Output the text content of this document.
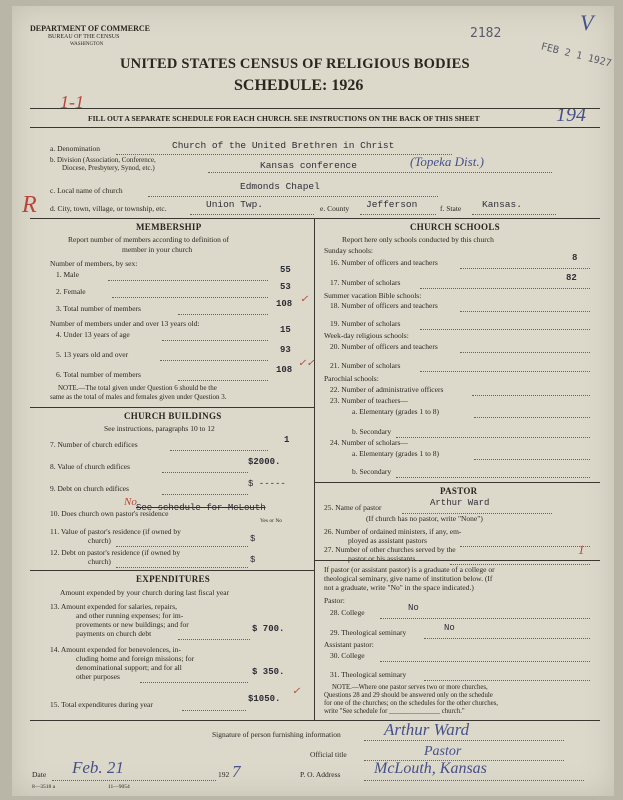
DEPARTMENT OF COMMERCE
BUREAU OF THE CENSUS
WASHINGTON
UNITED STATES CENSUS OF RELIGIOUS BODIES
SCHEDULE: 1926
2182
FEB 2 1 1927
V
194
1-1
FILL OUT A SEPARATE SCHEDULE FOR EACH CHURCH. SEE INSTRUCTIONS ON THE BACK OF THIS SHEET
a. Denomination	Church of the United Brethren in Christ
b. Division (Association, Conference,
Diocese, Presbytery, Synod, etc.)	Kansas conference	(Topeka Dist.)
c. Local name of church	Edmonds Chapel
d. City, town, village, or township, etc.	Union Twp.	e. County Jefferson	f. State Kansas.
R
MEMBERSHIP
Report number of members according to definition of
member in your church
Number of members, by sex:
1. Male	55
2. Female	53
3. Total number of members	108 ✓
Number of members under and over 13 years old:
4. Under 13 years of age	15
5. 13 years old and over	93
6. Total number of members	108
✓✓
NOTE.—The total given under Question 6 should be the
same as the total of males and females given under Question 3.
CHURCH BUILDINGS
See instructions, paragraphs 10 to 12
7. Number of church edifices	1
8. Value of church edifices	$2000.
9. Debt on church edifices	$ -----
10. Does church own pastor's residence
See schedule for McLouth
No
Yes or No
11. Value of pastor's residence (if owned by
church)	$
12. Debt on pastor's residence (if owned by
church)	$
EXPENDITURES
Amount expended by your church during last fiscal year
13. Amount expended for salaries, repairs,
and other running expenses; for im-
provements or new buildings; and for
payments on church debt	$ 700.
14. Amount expended for benevolences, in-
cluding home and foreign missions; for
denominational support; and for all
other purposes	$ 350.
15. Total expenditures during year
$1050.
✓
CHURCH SCHOOLS
Report here only schools conducted by this church
Sunday schools:
16. Number of officers and teachers	8
17. Number of scholars	82
Summer vacation Bible schools:
18. Number of officers and teachers
19. Number of scholars
Week-day religious schools:
20. Number of officers and teachers
21. Number of scholars
Parochial schools:
22. Number of administrative officers
23. Number of teachers—
a. Elementary (grades 1 to 8)
b. Secondary
24. Number of scholars—
a. Elementary (grades 1 to 8)
b. Secondary
PASTOR
25. Name of pastor	Arthur Ward
(If church has no pastor, write "None")
26. Number of ordained ministers, if any, em-
ployed as assistant pastors
27. Number of other churches served by the
pastor or his assistants
1
If pastor (or assistant pastor) is a graduate of a college or
theological seminary, give name of institution below. (If
not a graduate, write "No" in the space indicated.)
Pastor:
28. College	No
29. Theological seminary	No
Assistant pastor:
30. College
31. Theological seminary
NOTE.—Where one pastor serves two or more churches,
Questions 28 and 29 should be answered only on the schedule
for one of the churches; on the schedules for the other churches,
write "See schedule for _______________ church."
Signature of person furnishing information	Arthur Ward
Official title	Pastor
Date Feb. 21	192 7	P. O. Address McLouth, Kansas
8—3518 a	11—9054
